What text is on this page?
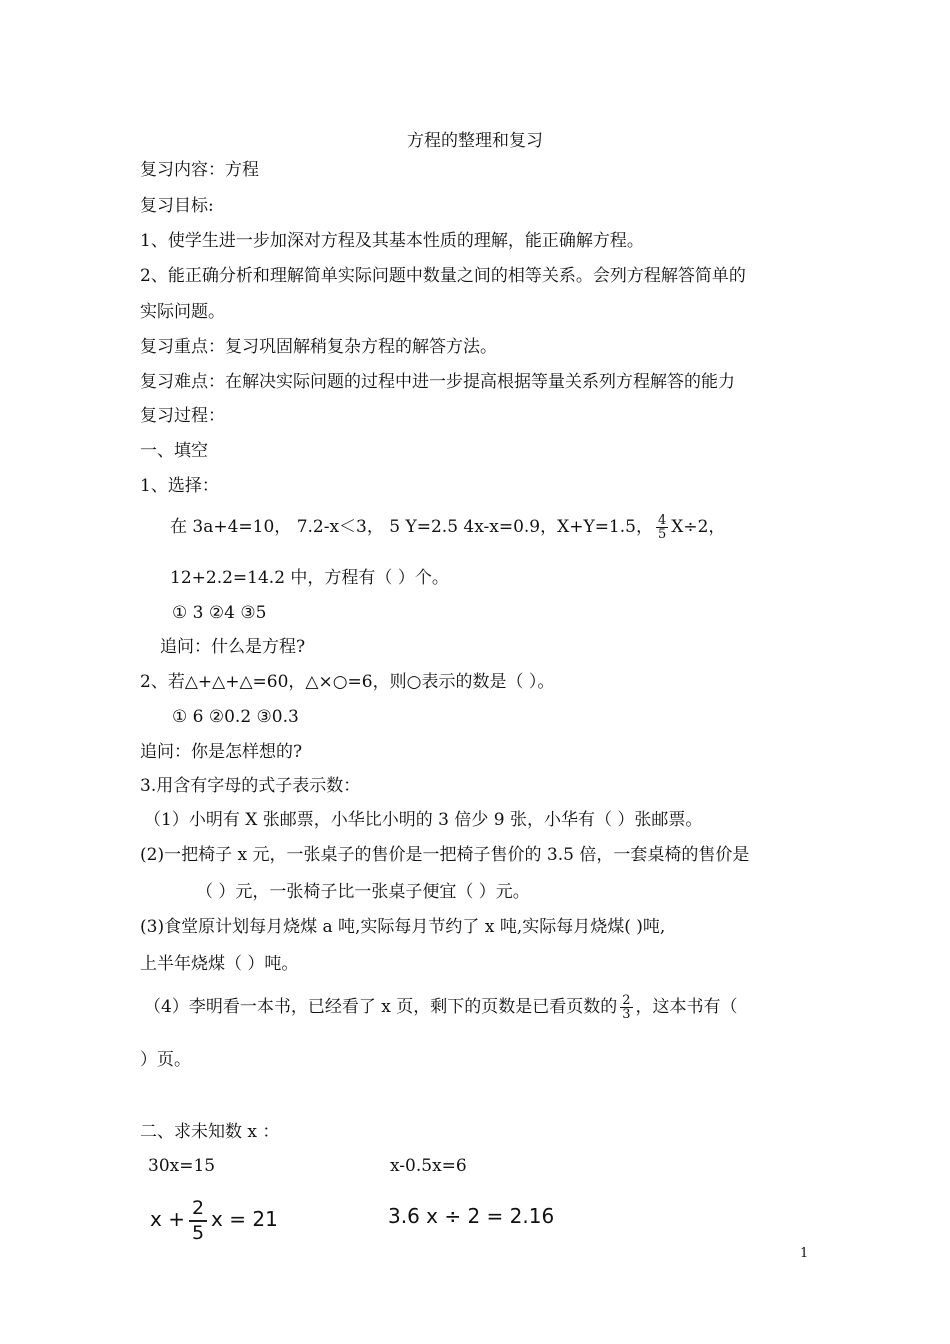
方程的整理和复习
复习内容：方程
复习目标:
1、使学生进一步加深对方程及其基本性质的理解，能正确解方程。
2、能正确分析和理解简单实际问题中数量之间的相等关系。会列方程解答简单的
实际问题。
复习重点：复习巩固解稍复杂方程的解答方法。
复习难点：在解决实际问题的过程中进一步提高根据等量关系列方程解答的能力
复习过程：
一、填空
1、选择：
在 3a+4=10， 7.2-x＜3， 5 Y=2.5 4x-x=0.9，X+Y=1.5， $\frac{4}{5} X\div 2$，
12+2.2=14.2 中，方程有（ ）个。
① 3 ②4 ③5
追问：什么是方程?
2、若△+△+△=60，△×○=6，则○表示的数是（ ）。
① 6 ②0.2 ③0.3
追问：你是怎样想的?
3.用含有字母的式子表示数：
（1）小明有 X 张邮票，小华比小明的 3 倍少 9 张，小华有（ ）张邮票。
(2)一把椅子 x 元，一张桌子的售价是一把椅子售价的 3.5 倍，一套桌椅的售价是
（ ）元，一张椅子比一张桌子便宜（ ）元。
(3)食堂原计划每月烧煤 a 吨,实际每月节约了 x 吨,实际每月烧煤( )吨,
上半年烧煤（ ）吨。
（4）李明看一本书，已经看了 x 页，剩下的页数是已看页数的 $\frac{2}{3}$ ，这本书有（
）页。
二、求未知数 x ：
30x=15	x-0.5x=6
$x + \frac{2}{5}$ x = 21	3.6 x ÷ 2 = 2.16
1
